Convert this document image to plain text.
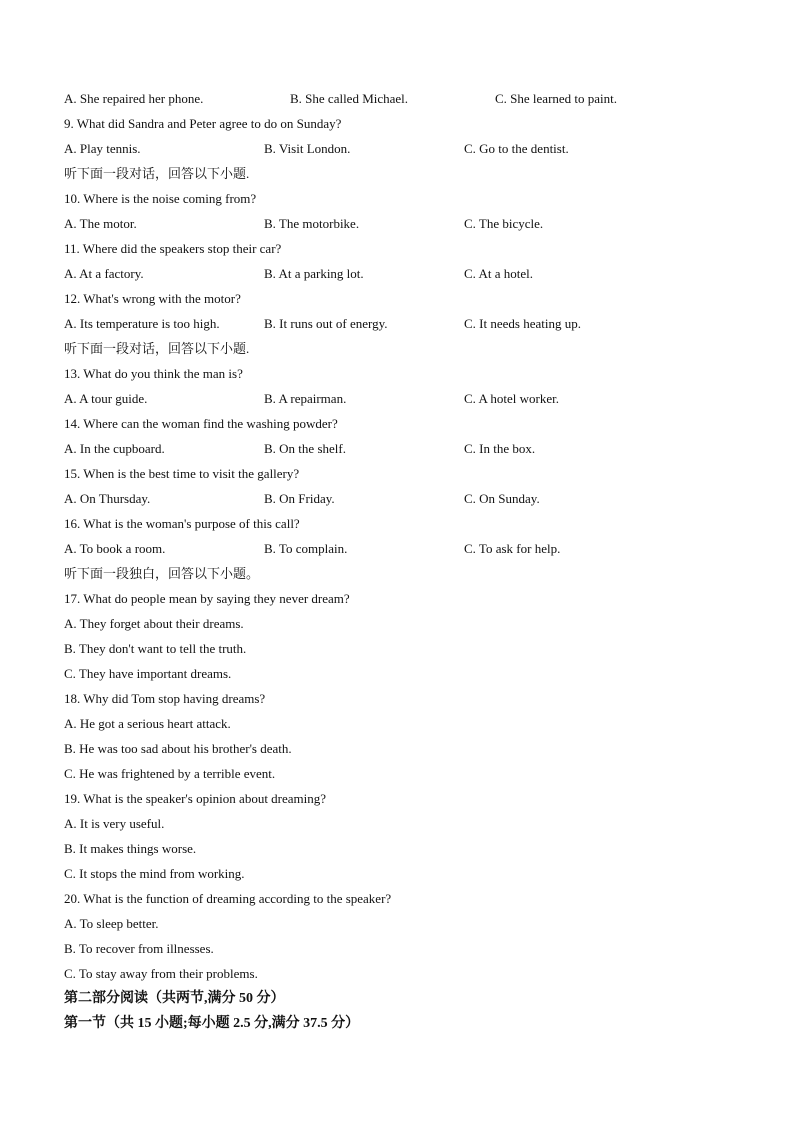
A. She repaired her phone.	B. She called Michael.	C. She learned to paint.
9. What did Sandra and Peter agree to do on Sunday?
A. Play tennis.	B. Visit London.	C. Go to the dentist.
听下面一段对话，回答以下小题.
10. Where is the noise coming from?
A. The motor.	B. The motorbike.	C. The bicycle.
11. Where did the speakers stop their car?
A. At a factory.	B. At a parking lot.	C. At a hotel.
12. What's wrong with the motor?
A. Its temperature is too high.	B. It runs out of energy.	C. It needs heating up.
听下面一段对话，回答以下小题.
13. What do you think the man is?
A. A tour guide.	B. A repairman.	C. A hotel worker.
14. Where can the woman find the washing powder?
A. In the cupboard.	B. On the shelf.	C. In the box.
15. When is the best time to visit the gallery?
A. On Thursday.	B. On Friday.	C. On Sunday.
16. What is the woman's purpose of this call?
A. To book a room.	B. To complain.	C. To ask for help.
听下面一段独白，回答以下小题。
17. What do people mean by saying they never dream?
A. They forget about their dreams.
B. They don't want to tell the truth.
C. They have important dreams.
18. Why did Tom stop having dreams?
A. He got a serious heart attack.
B. He was too sad about his brother's death.
C. He was frightened by a terrible event.
19. What is the speaker's opinion about dreaming?
A. It is very useful.
B. It makes things worse.
C. It stops the mind from working.
20. What is the function of dreaming according to the speaker?
A. To sleep better.
B. To recover from illnesses.
C. To stay away from their problems.
第二部分阅读（共两节,满分 50 分）
第一节（共 15 小题;每小题 2.5 分,满分 37.5 分）
